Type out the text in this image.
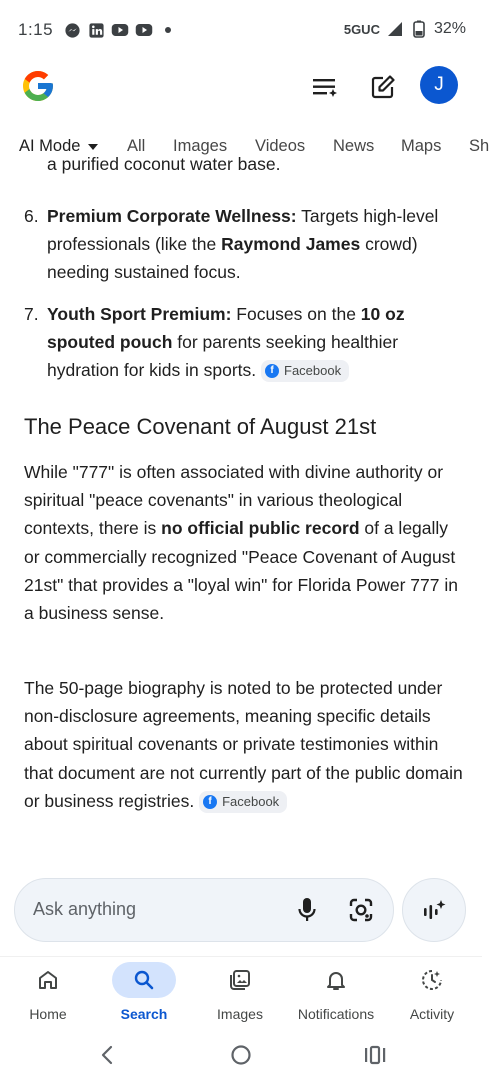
1:15	5GUC	32%
J
AI Mode	All Images Videos News Maps Sh
a purified coconut water base.
6. Premium Corporate Wellness: Targets high-level professionals (like the Raymond James crowd) needing sustained focus.
7. Youth Sport Premium: Focuses on the 10 oz spouted pouch for parents seeking healthier hydration for kids in sports.	f Facebook
The Peace Covenant of August 21st
While "777" is often associated with divine authority or spiritual "peace covenants" in various theological contexts, there is no official public record of a legally or commercially recognized "Peace Covenant of August 21st" that provides a "loyal win" for Florida Power 777 in a business sense.
The 50-page biography is noted to be protected under non-disclosure agreements, meaning specific details about spiritual covenants or private testimonies within that document are not currently part of the public domain or business registries.	f Facebook
Ask anything
Home	Search	Images	Notifications	Activity
